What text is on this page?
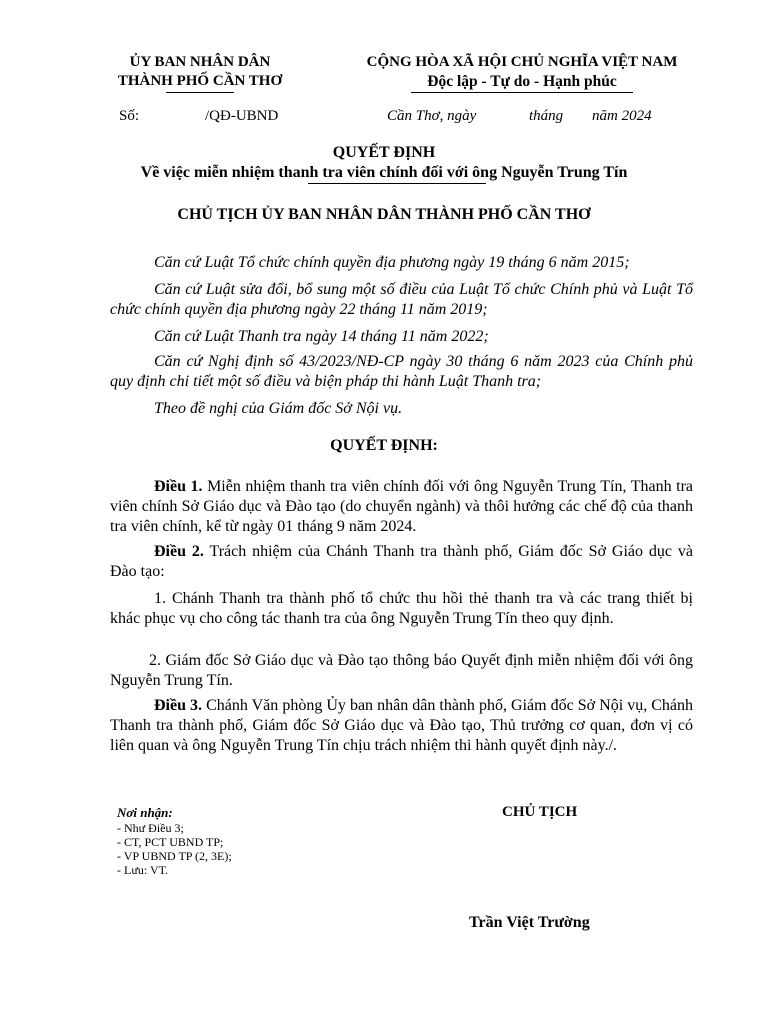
ỦY BAN NHÂN DÂN
THÀNH PHỐ CẦN THƠ
CỘNG HÒA XÃ HỘI CHỦ NGHĨA VIỆT NAM
Độc lập - Tự do - Hạnh phúc
Số:	/QĐ-UBND	Cần Thơ, ngày	tháng năm 2024
QUYẾT ĐỊNH
Về việc miễn nhiệm thanh tra viên chính đối với ông Nguyễn Trung Tín
CHỦ TỊCH ỦY BAN NHÂN DÂN THÀNH PHỐ CẦN THƠ
Căn cứ Luật Tổ chức chính quyền địa phương ngày 19 tháng 6 năm 2015;
Căn cứ Luật sửa đổi, bổ sung một số điều của Luật Tổ chức Chính phủ và Luật Tổ chức chính quyền địa phương ngày 22 tháng 11 năm 2019;
Căn cứ Luật Thanh tra ngày 14 tháng 11 năm 2022;
Căn cứ Nghị định số 43/2023/NĐ-CP ngày 30 tháng 6 năm 2023 của Chính phủ quy định chi tiết một số điều và biện pháp thi hành Luật Thanh tra;
Theo đề nghị của Giám đốc Sở Nội vụ.
QUYẾT ĐỊNH:
Điều 1. Miễn nhiệm thanh tra viên chính đối với ông Nguyễn Trung Tín, Thanh tra viên chính Sở Giáo dục và Đào tạo (do chuyển ngành) và thôi hưởng các chế độ của thanh tra viên chính, kể từ ngày 01 tháng 9 năm 2024.
Điều 2. Trách nhiệm của Chánh Thanh tra thành phố, Giám đốc Sở Giáo dục và Đào tạo:
1. Chánh Thanh tra thành phố tổ chức thu hồi thẻ thanh tra và các trang thiết bị khác phục vụ cho công tác thanh tra của ông Nguyễn Trung Tín theo quy định.
2. Giám đốc Sở Giáo dục và Đào tạo thông báo Quyết định miễn nhiệm đối với ông Nguyễn Trung Tín.
Điều 3. Chánh Văn phòng Ủy ban nhân dân thành phố, Giám đốc Sở Nội vụ, Chánh Thanh tra thành phố, Giám đốc Sở Giáo dục và Đào tạo, Thủ trưởng cơ quan, đơn vị có liên quan và ông Nguyễn Trung Tín chịu trách nhiệm thi hành quyết định này./.
Nơi nhận:
- Như Điều 3;
- CT, PCT UBND TP;
- VP UBND TP (2, 3E);
- Lưu: VT.
CHỦ TỊCH
Trần Việt Trường
